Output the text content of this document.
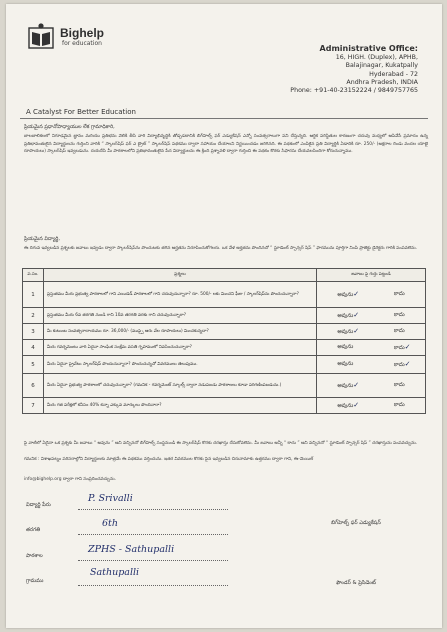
Bighelp
for education
A Catalyst For Better Education
Administrative Office:
16, HIGH. (Duplex), APHB,
Balajinagar, Kukatpally
Hyderabad - 72
Andhra Pradesh, INDIA
Phone: +91-40-23152224 / 9849757765
ప్రియమైన ప్రధానోపాధ్యాయుల లేక గ్రామాధికారి,
బాలబాలికలలో నిగూఢమైన జ్ఞానం మరియు ప్రతిభను వెలికి తీసి వారి విద్యాభివృద్ధికి తోడ్పడటానికి బిగ్‌హెల్ప్ ఫర్ ఎడ్యుకేషన్ ఎన్నో సంవత్సరాలుగా పని చేస్తున్నది. ఆర్థిక పరిస్థితుల కారణంగా చదువు మధ్యలో ఆపివేసే ప్రమాదం ఉన్న ప్రతిభావంతులైన విద్యార్థులను గుర్తించి వారికి “ స్కాలర్‌షిప్ ఫర్ ఎ బ్రైట్ ” స్కాలర్‌షిప్ పథకము ద్వారా సహాయం చేయాలని నిర్ణయించడం జరిగినది. ఈ పథకంలో ఎంపికైన ప్రతి విద్యార్థికి ఏడాదికి రూ. 250/- (అక్షరాల రెండు వందల యాభై రూపాయలు) స్కాలర్‌షిప్ ఇవ్వబడును. దయచేసి మీ పాఠశాలలోని ప్రతిభావంతులైన పేద విద్యార్థులను ఈ క్రింది ప్రశ్నావళి ద్వారా గుర్తించి ఈ పథకం కొరకు సిఫారసు చేయవలసిందిగా కోరుచున్నాము.
ప్రియమైన విద్యార్థి,
ఈ దిగువ ఇవ్వబడిన ప్రశ్నలకు జవాబు ఇవ్వడం ద్వారా స్కాలర్‌షిప్‌ను పొందుటకు తగిన అర్హతను నిరూపించుకోగలరు. ఒక వేళ అర్హతను పొందినచో “ స్టూడెంట్ స్పాన్సర్ షిప్ ” ఫారమును పూర్తిగా నింపి ప్రాజెక్టు డైరెక్టరు గారికి పంపవలెను.
ప.సం.	ప్రశ్నలు	జవాబు పై గుర్తు పెట్టండి
1	ప్రస్తుతము మీరు ప్రభుత్వ పాఠశాలలో గాని ఎయిడెడ్ పాఠశాలలో గాని చదువుచున్నారా? రూ. 500/- లకు మించని ఫీజు / స్కాలర్‌షిప్‌ను పొందుచున్నారా?	అవును✓ కాదు

2	ప్రస్తుతము మీరు 6వ తరగతి నుండి గాని 10వ తరగతి వరకు గాని చదువుచున్నారా?	అవును✓ కాదు

3	మీ కుటుంబ సంవత్సరాదాయము రూ. 36,000/- (ముప్పై ఆరు వేల రూపాయలు) మించకున్నదా?	అవును✓ కాదు

4	మీరు గవర్నమెంటు వారి ఏదైనా సాంఘిక సంక్షేమ వసతి గృహములో నివసించుచున్నారా?	అవును కాదు✓

5	మీరు ఏదైనా ప్రైవేటు స్కాలర్‌షిప్ పొందుచున్నారా? పొందుచున్నచో వివరములు తెలుపుము.	అవును కాదు✓

6	మీరు ఏదైనా ప్రభుత్వ పాఠశాలలో చదువుచున్నారా? (గమనిక - గవర్నమెంట్ స్కూల్స్ ద్వారా నడుపబడు పాఠశాలలు కూడా పరిగణింపబడును.)	అవును✓ కాదు

7	మీరు గత పరీక్షలో కనీసం 40% కన్నా ఎక్కువ మార్కులు పొందినారా?	అవును✓ కాదు
పై వాటిలో ఏదైనా ఒక ప్రశ్నకు మీ జవాబు “ అవును ” అని వచ్చినచో బిగ్‌హెల్ప్ సంస్థనుండి ఈ స్కాలర్‌షిప్ కొరకు దరఖాస్తు చేసుకోవలెను. మీ జవాబు అన్నీ “ కాదు ” అని వచ్చినచో “ స్టూడెంట్ స్పాన్సర్ షిప్ ” దరఖాస్తును పంపవచ్చును.
గమనిక : విశాఖపట్నం పరిసరాల్లోని విద్యార్థులకు మాత్రమే ఈ పథకము వర్తించును. ఇతర వివరముల కొరకు పైన ఇవ్వబడిన చిరునామాకు ఉత్తరము ద్వారా గాని, ఈ-మెయిల్
info@bighelp.org ద్వారా గాని సంప్రదించవచ్చును.
విద్యార్థి పేరు
P. Srivalli
తరగతి
6th
పాఠశాల
ZPHS - Sathupalli
గ్రామము
Sathupalli
బిగ్‌హెల్ప్ ఫర్ ఎడ్యుకేషన్
ఫౌండర్ & ప్రెసిడెంట్
